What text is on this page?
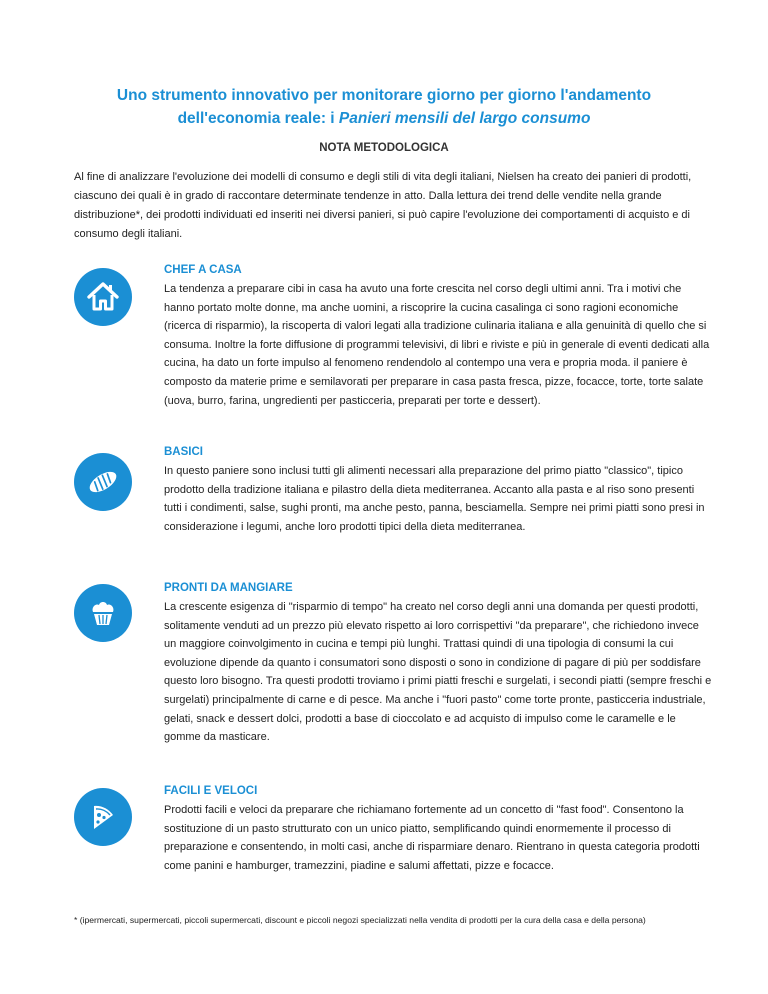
Uno strumento innovativo per monitorare giorno per giorno l'andamento
dell'economia reale: i Panieri mensili del largo consumo
NOTA METODOLOGICA
Al fine di analizzare l'evoluzione dei modelli di consumo e degli stili di vita degli italiani, Nielsen ha creato dei panieri di prodotti, ciascuno dei quali è in grado di raccontare determinate tendenze in atto. Dalla lettura dei trend delle vendite nella grande distribuzione*, dei prodotti individuati ed inseriti nei diversi panieri, si può capire l'evoluzione dei comportamenti di acquisto e di consumo degli italiani.
CHEF A CASA
La tendenza a preparare cibi in casa ha avuto una forte crescita nel corso degli ultimi anni. Tra i motivi che hanno portato molte donne, ma anche uomini, a riscoprire la cucina casalinga ci sono ragioni economiche (ricerca di risparmio), la riscoperta di valori legati alla tradizione culinaria italiana e alla genuinità di quello che si consuma. Inoltre la forte diffusione di programmi televisivi, di libri e riviste e più in generale di eventi dedicati alla cucina, ha dato un forte impulso al fenomeno rendendolo al contempo una vera e propria moda. il paniere è composto da materie prime e semilavorati per preparare in casa pasta fresca, pizze, focacce, torte, torte salate (uova, burro, farina, ungredienti per pasticceria, preparati per torte e dessert).
BASICI
In questo paniere sono inclusi tutti gli alimenti necessari alla preparazione del primo piatto "classico", tipico prodotto della tradizione italiana e pilastro della dieta mediterranea. Accanto alla pasta e al riso sono presenti tutti i condimenti, salse, sughi pronti, ma anche pesto, panna, besciamella. Sempre nei primi piatti sono presi in considerazione i legumi, anche loro prodotti tipici della dieta mediterranea.
PRONTI DA MANGIARE
La crescente esigenza di "risparmio di tempo" ha creato nel corso degli anni una domanda per questi prodotti, solitamente venduti ad un prezzo più elevato rispetto ai loro corrispettivi "da preparare", che richiedono invece un maggiore coinvolgimento in cucina e tempi più lunghi. Trattasi quindi di una tipologia di consumi la cui evoluzione dipende da quanto i consumatori sono disposti o sono in condizione di pagare di più per soddisfare questo loro bisogno. Tra questi prodotti troviamo i primi piatti freschi e surgelati, i secondi piatti (sempre freschi e surgelati) principalmente di carne e di pesce. Ma anche i "fuori pasto" come torte pronte, pasticceria industriale, gelati, snack e dessert dolci, prodotti a base di cioccolato e ad acquisto di impulso come le caramelle e le gomme da masticare.
FACILI E VELOCI
Prodotti facili e veloci da preparare che richiamano fortemente ad un concetto di "fast food". Consentono la sostituzione di un pasto strutturato con un unico piatto, semplificando quindi enormemente il processo di preparazione e consentendo, in molti casi, anche di risparmiare denaro. Rientrano in questa categoria prodotti come panini e hamburger, tramezzini, piadine e salumi affettati, pizze e focacce.
* (ipermercati, supermercati, piccoli supermercati, discount e piccoli negozi specializzati nella vendita di prodotti per la cura della casa e della persona)
